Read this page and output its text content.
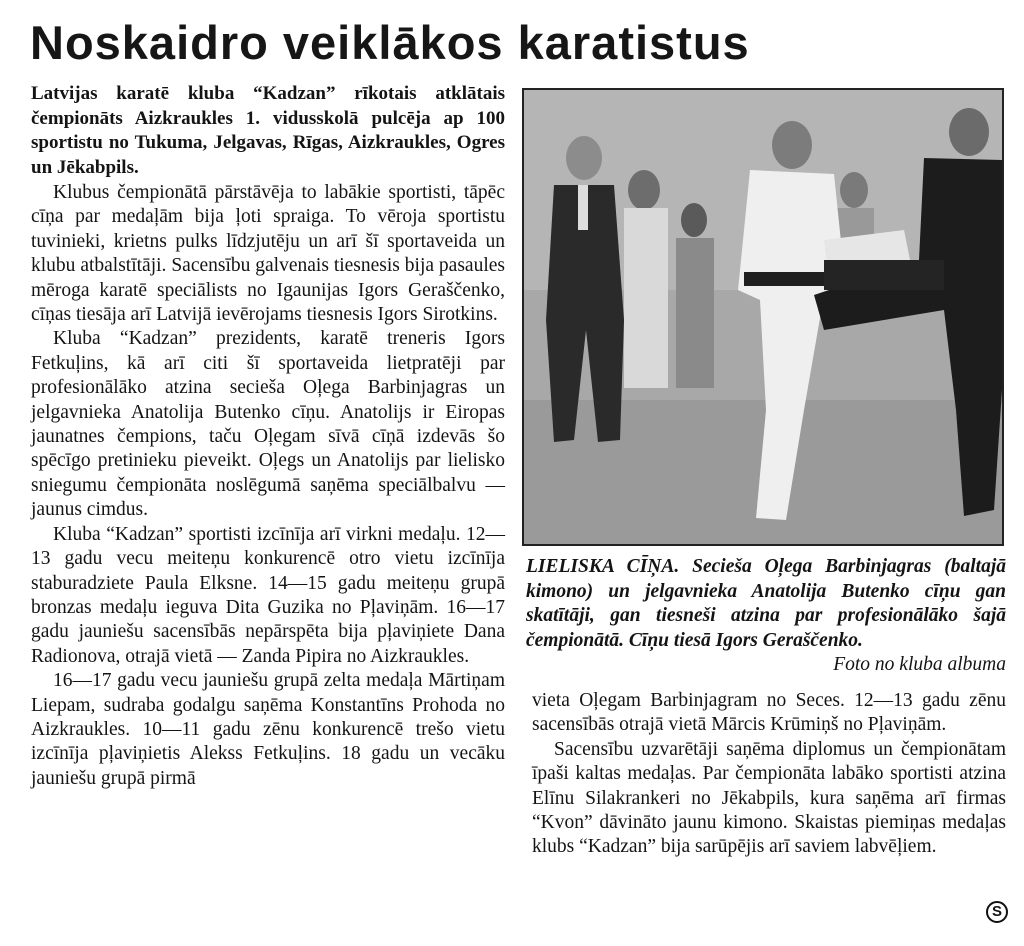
Noskaidro veiklākos karatistus

Latvijas karatē kluba “Kadzan” rīkotais atklātais čempionāts Aizkraukles 1. vidusskolā pulcēja ap 100 sportistu no Tukuma, Jelgavas, Rīgas, Aizkraukles, Ogres un Jēkabpils.

Klubus čempionātā pārstāvēja to labākie sportisti, tāpēc cīņa par medaļām bija ļoti spraiga. To vēroja sportistu tuvinieki, krietns pulks līdzjutēju un arī šī sportaveida un klubu atbalstītāji. Sacensību galvenais tiesnesis bija pasaules mēroga karatē speciālists no Igaunijas Igors Geraščenko, cīņas tiesāja arī Latvijā ievērojams tiesnesis Igors Sirotkins.

Kluba “Kadzan” prezidents, karatē treneris Igors Fetkuļins, kā arī citi šī sportaveida lietpratēji par profesionālāko atzina secieša Oļega Barbinjagras un jelgavnieka Anatolija Butenko cīņu. Anatolijs ir Eiropas jaunatnes čempions, taču Oļegam sīvā cīņā izdevās šo spēcīgo pretinieku pieveikt. Oļegs un Anatolijs par lielisko sniegumu čempionāta noslēgumā saņēma speciālbalvu — jaunus cimdus.

Kluba “Kadzan” sportisti izcīnīja arī virkni medaļu. 12—13 gadu vecu meiteņu konkurencē otro vietu izcīnīja staburadziete Paula Elksne. 14—15 gadu meiteņu grupā bronzas medaļu ieguva Dita Guzika no Pļaviņām. 16—17 gadu jauniešu sacensībās nepārspēta bija pļaviņiete Dana Radionova, otrajā vietā — Zanda Pipira no Aizkraukles.

16—17 gadu vecu jauniešu grupā zelta medaļa Mārtiņam Liepam, sudraba godalgu saņēma Konstantīns Prohoda no Aizkraukles. 10—11 gadu zēnu konkurencē trešo vietu izcīnīja pļaviņietis Alekss Fetkuļins. 18 gadu un vecāku jauniešu grupā pirmā

LIELISKA CĪŅA. Secieša Oļega Barbinjagras (baltajā kimono) un jelgavnieka Anatolija Butenko cīņu gan skatītāji, gan tiesneši atzina par profesionālāko šajā čempionātā. Cīņu tiesā Igors Geraščenko.
Foto no kluba albuma

vieta Oļegam Barbinjagram no Seces. 12—13 gadu zēnu sacensībās otrajā vietā Mārcis Krūmiņš no Pļaviņām.

Sacensību uzvarētāji saņēma diplomus un čempionātam īpaši kaltas medaļas. Par čempionāta labāko sportisti atzina Elīnu Silakrankeri no Jēkabpils, kura saņēma arī firmas “Kvon” dāvināto jaunu kimono. Skaistas piemiņas medaļas klubs “Kadzan” bija sarūpējis arī saviem labvēļiem.

S
